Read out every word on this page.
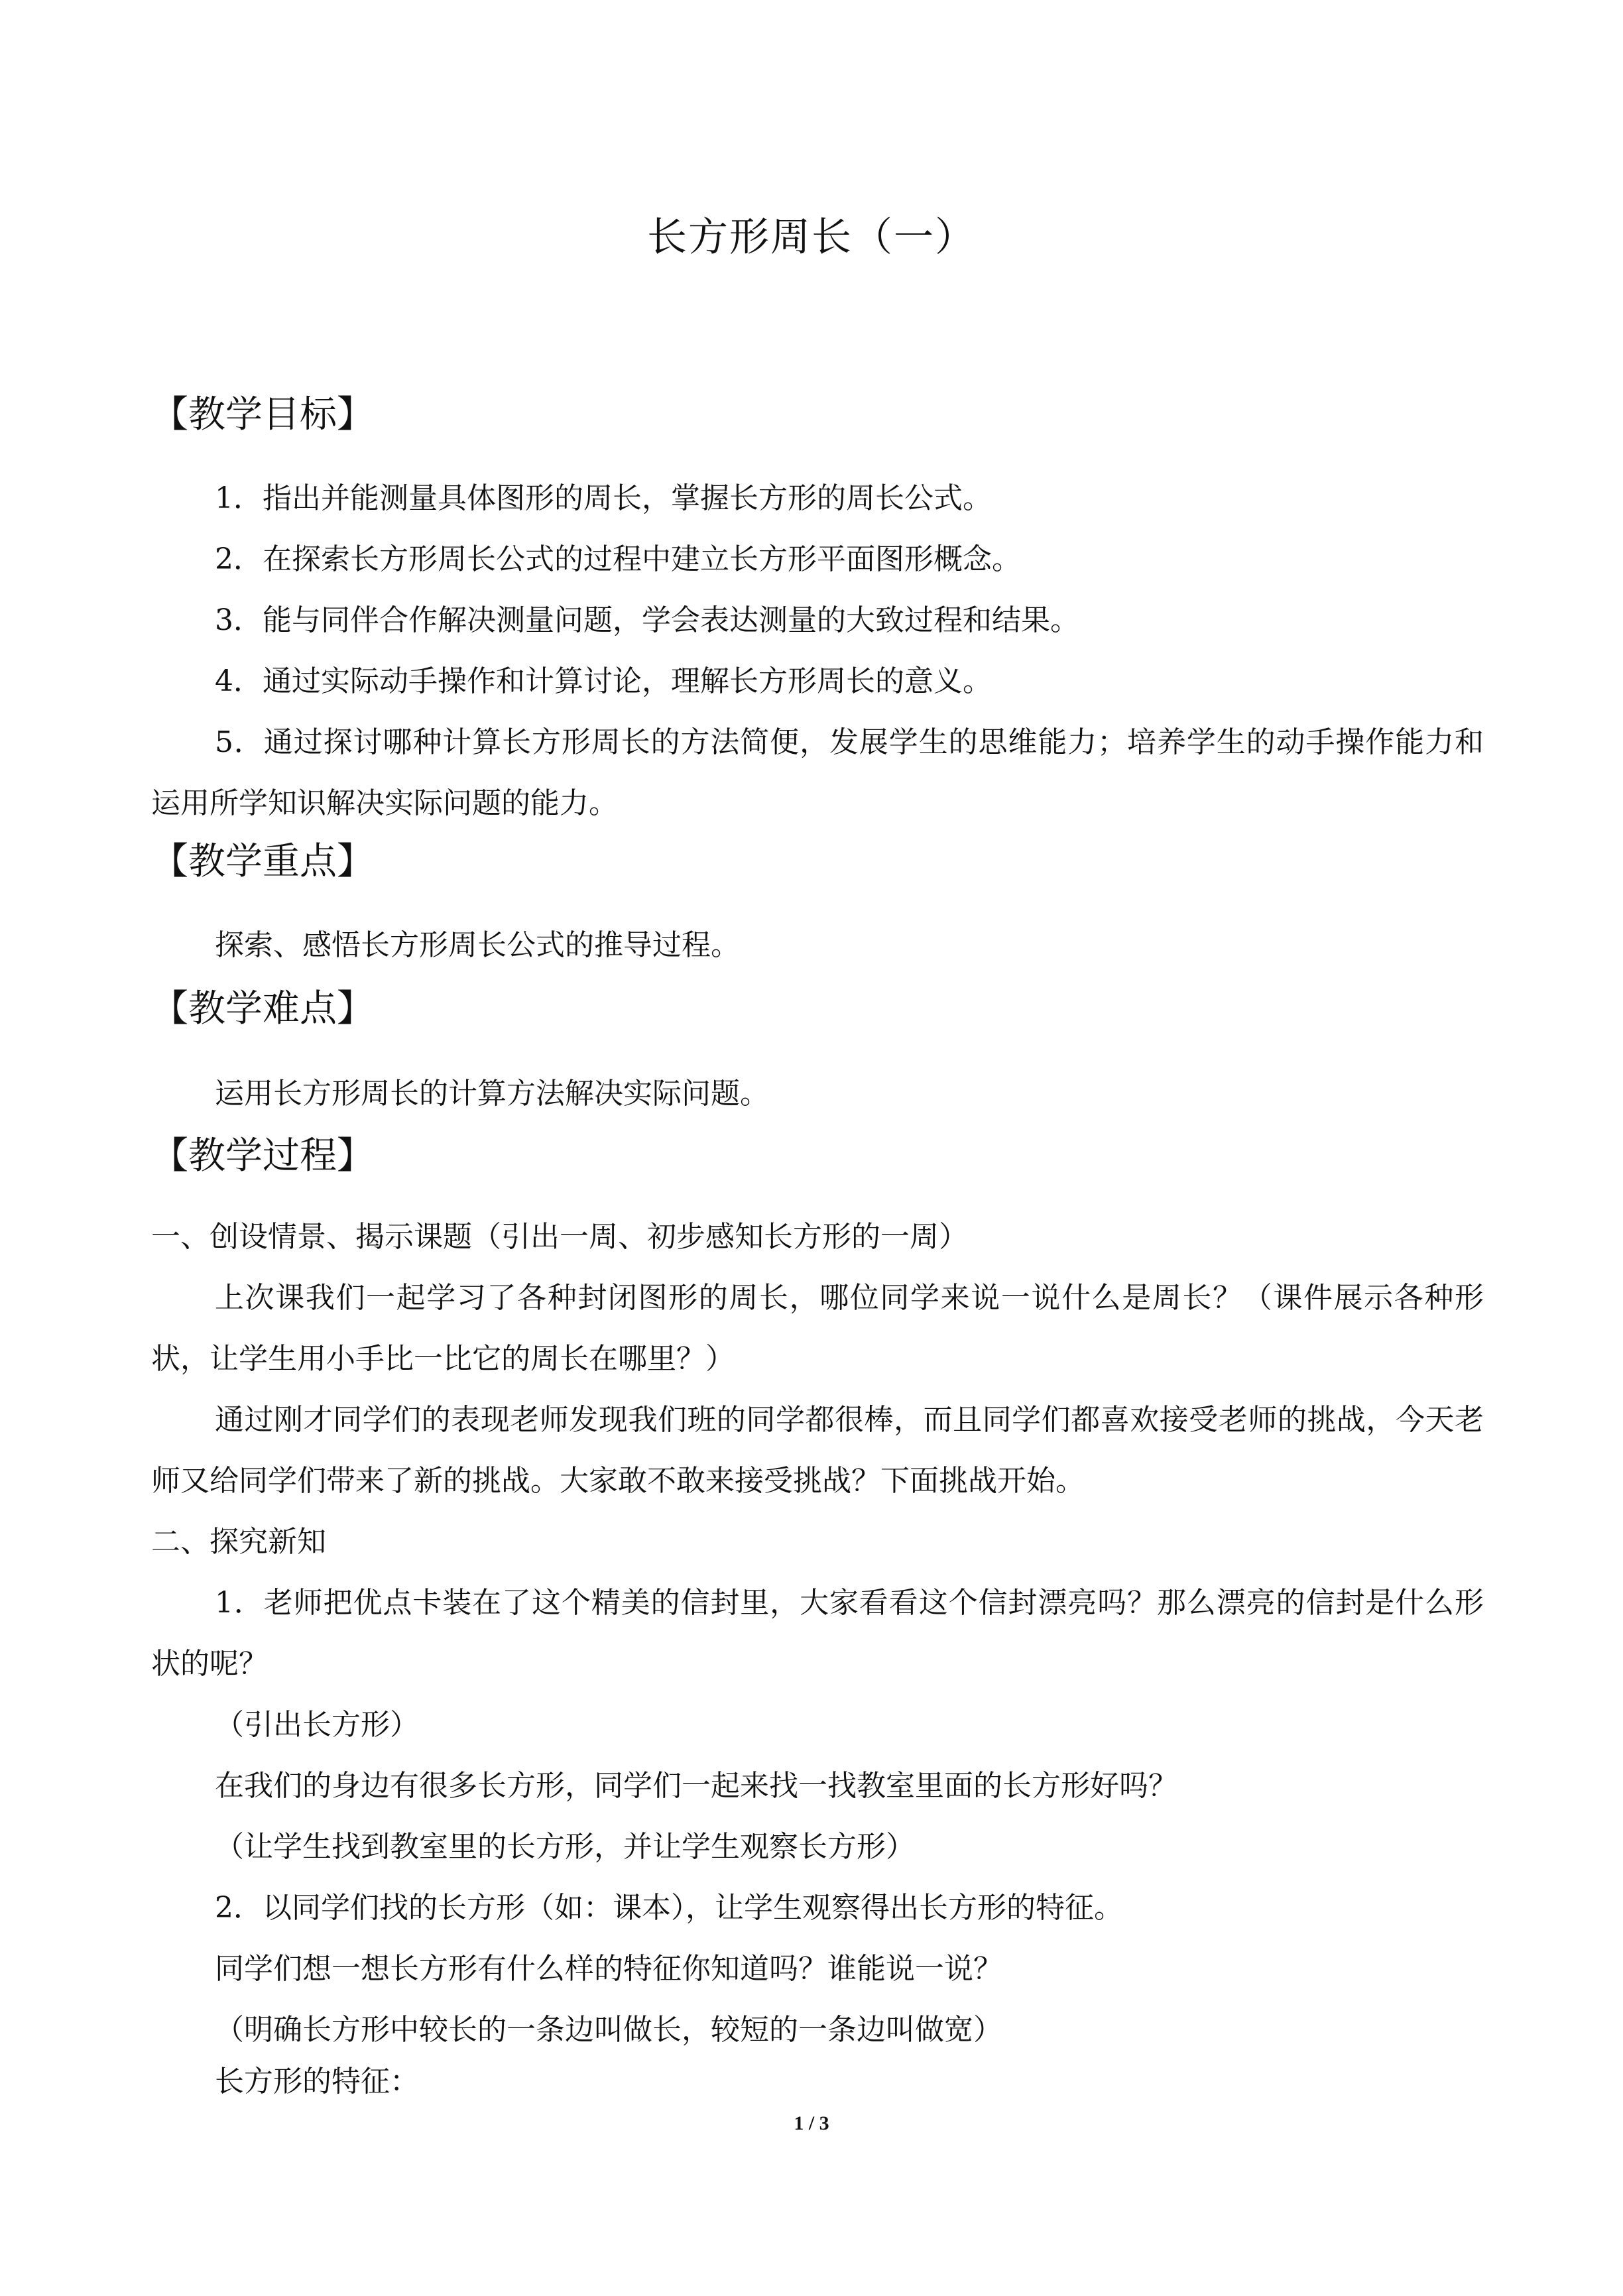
长方形周长（一）
【教学目标】
1．指出并能测量具体图形的周长，掌握长方形的周长公式。
2．在探索长方形周长公式的过程中建立长方形平面图形概念。
3．能与同伴合作解决测量问题，学会表达测量的大致过程和结果。
4．通过实际动手操作和计算讨论，理解长方形周长的意义。
5．通过探讨哪种计算长方形周长的方法简便，发展学生的思维能力；培养学生的动手操作能力和运用所学知识解决实际问题的能力。
【教学重点】
探索、感悟长方形周长公式的推导过程。
【教学难点】
运用长方形周长的计算方法解决实际问题。
【教学过程】
一、创设情景、揭示课题（引出一周、初步感知长方形的一周）
上次课我们一起学习了各种封闭图形的周长，哪位同学来说一说什么是周长？（课件展示各种形状，让学生用小手比一比它的周长在哪里？）
通过刚才同学们的表现老师发现我们班的同学都很棒，而且同学们都喜欢接受老师的挑战，今天老师又给同学们带来了新的挑战。大家敢不敢来接受挑战？下面挑战开始。
二、探究新知
1．老师把优点卡装在了这个精美的信封里，大家看看这个信封漂亮吗？那么漂亮的信封是什么形状的呢？
（引出长方形）
在我们的身边有很多长方形，同学们一起来找一找教室里面的长方形好吗？
（让学生找到教室里的长方形，并让学生观察长方形）
2．以同学们找的长方形（如：课本），让学生观察得出长方形的特征。
同学们想一想长方形有什么样的特征你知道吗？谁能说一说？
（明确长方形中较长的一条边叫做长，较短的一条边叫做宽）
长方形的特征：
1 / 3
